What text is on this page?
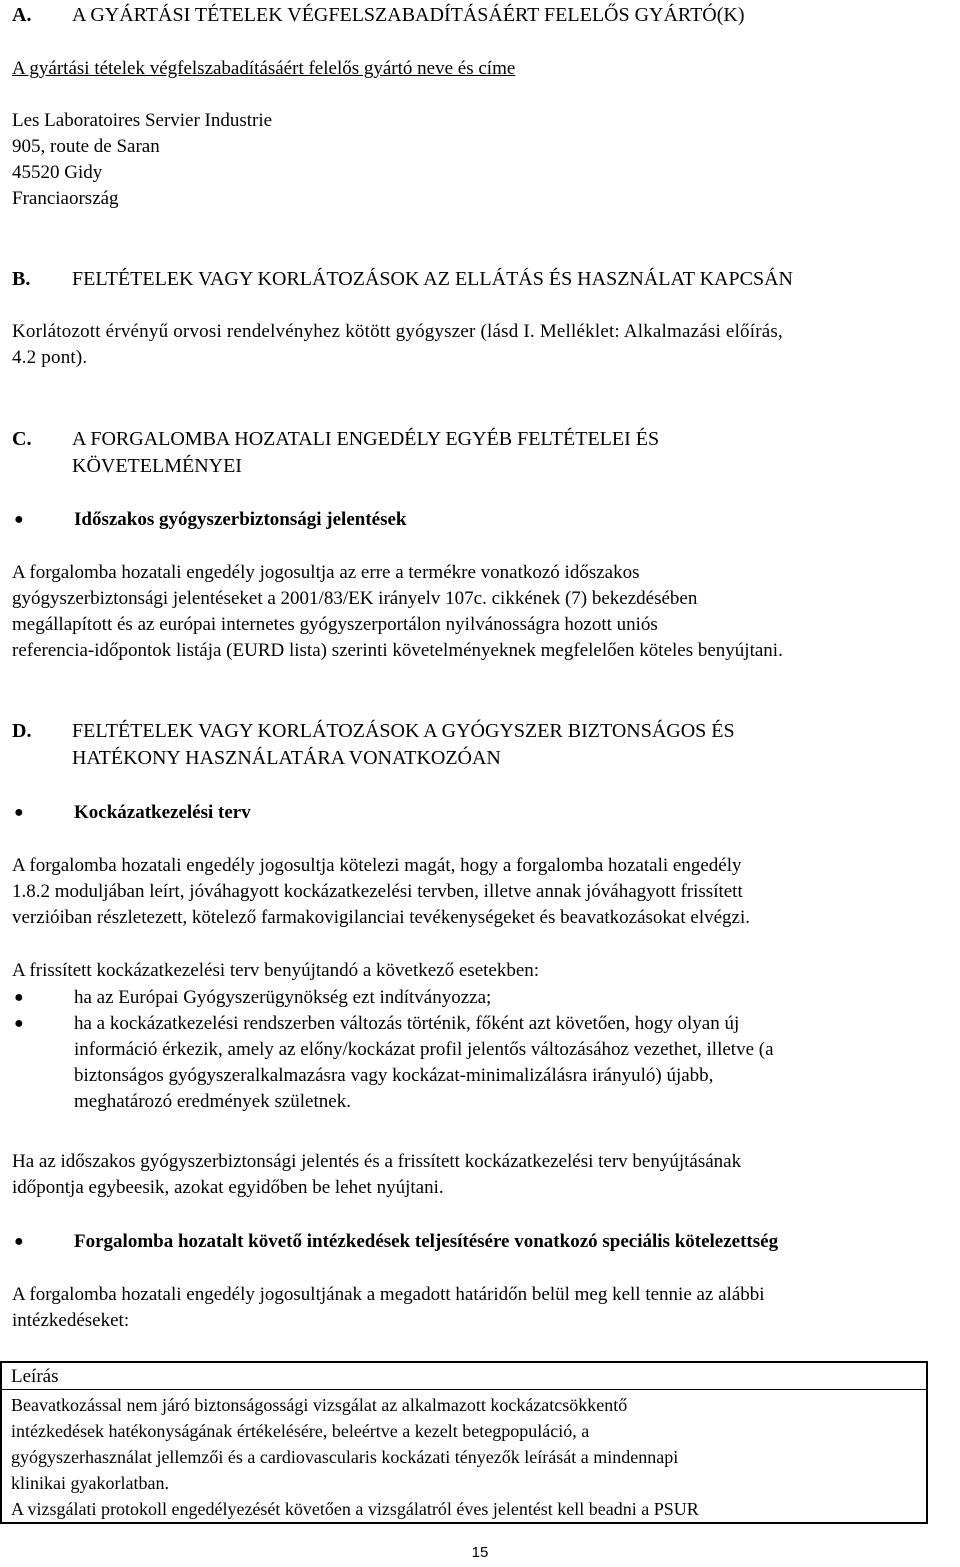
A.	A GYÁRTÁSI TÉTELEK VÉGFELSZABADÍTÁSÁÉRT FELELŐS GYÁRTÓ(K)
A gyártási tételek végfelszabadításáért felelős gyártó neve és címe
Les Laboratoires Servier Industrie
905, route de Saran
45520 Gidy
Franciaország
B.	FELTÉTELEK VAGY KORLÁTOZÁSOK AZ ELLÁTÁS ÉS HASZNÁLAT KAPCSÁN
Korlátozott érvényű orvosi rendelvényhez kötött gyógyszer (lásd I. Melléklet: Alkalmazási előírás,
4.2 pont).
C.	A FORGALOMBA HOZATALI ENGEDÉLY EGYÉB FELTÉTELEI ÉS
KÖVETELMÉNYEI
●	Időszakos gyógyszerbiztonsági jelentések
A forgalomba hozatali engedély jogosultja az erre a termékre vonatkozó időszakos
gyógyszerbiztonsági jelentéseket a 2001/83/EK irányelv 107c. cikkének (7) bekezdésében
megállapított és az európai internetes gyógyszerportálon nyilvánosságra hozott uniós
referencia-időpontok listája (EURD lista) szerinti követelményeknek megfelelően köteles benyújtani.
D.	FELTÉTELEK VAGY KORLÁTOZÁSOK A GYÓGYSZER BIZTONSÁGOS ÉS
HATÉKONY HASZNÁLATÁRA VONATKOZÓAN
●	Kockázatkezelési terv
A forgalomba hozatali engedély jogosultja kötelezi magát, hogy a forgalomba hozatali engedély
1.8.2 moduljában leírt, jóváhagyott kockázatkezelési tervben, illetve annak jóváhagyott frissített
verzióiban részletezett, kötelező farmakovigilanciai tevékenységeket és beavatkozásokat elvégzi.
A frissített kockázatkezelési terv benyújtandó a következő esetekben:
●	ha az Európai Gyógyszerügynökség ezt indítványozza;
●	ha a kockázatkezelési rendszerben változás történik, főként azt követően, hogy olyan új
információ érkezik, amely az előny/kockázat profil jelentős változásához vezethet, illetve (a
biztonságos gyógyszeralkalmazásra vagy kockázat-minimalizálásra irányuló) újabb,
meghatározó eredmények születnek.
Ha az időszakos gyógyszerbiztonsági jelentés és a frissített kockázatkezelési terv benyújtásának
időpontja egybeesik, azokat egyidőben be lehet nyújtani.
●	Forgalomba hozatalt követő intézkedések teljesítésére vonatkozó speciális kötelezettség
A forgalomba hozatali engedély jogosultjának a megadott határidőn belül meg kell tennie az alábbi
intézkedéseket:
Leírás
Beavatkozással nem járó biztonságossági vizsgálat az alkalmazott kockázatcsökkentő
intézkedések hatékonyságának értékelésére, beleértve a kezelt betegpopuláció, a
gyógyszerhasználat jellemzői és a cardiovascularis kockázati tényezők leírását a mindennapi
klinikai gyakorlatban.
A vizsgálati protokoll engedélyezését követően a vizsgálatról éves jelentést kell beadni a PSUR
15
